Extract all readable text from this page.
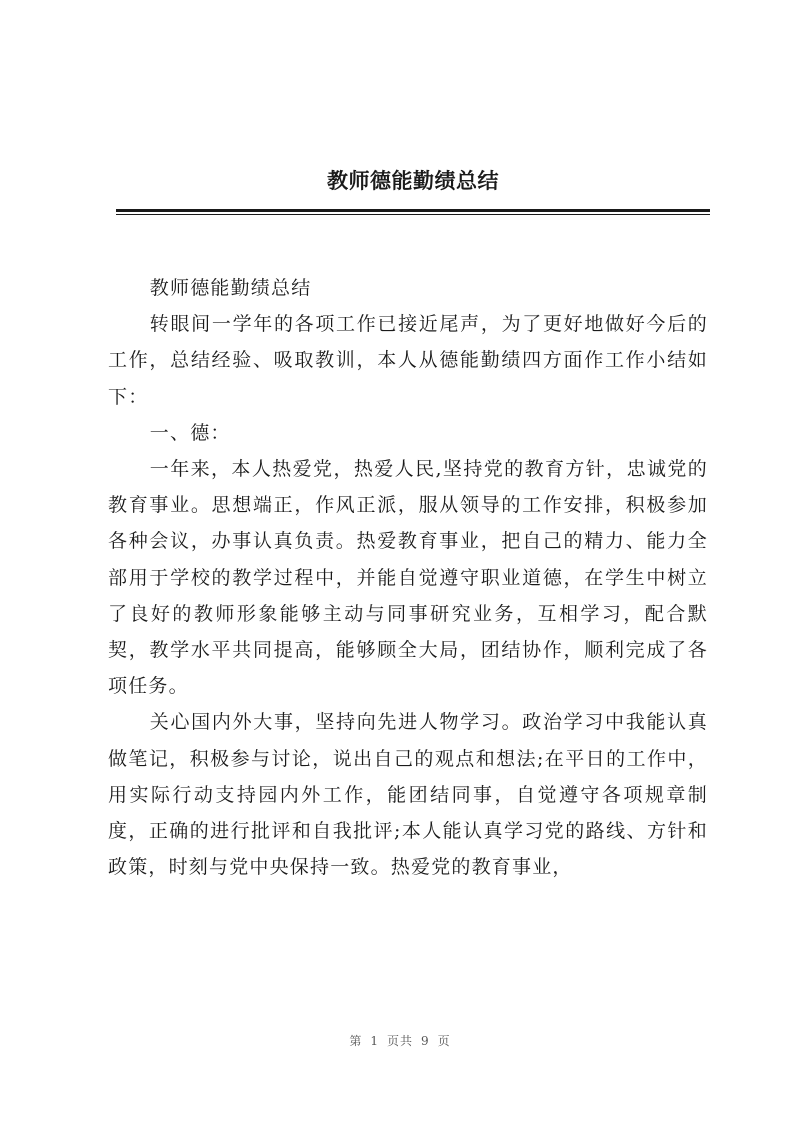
教师德能勤绩总结

教师德能勤绩总结

转眼间一学年的各项工作已接近尾声，为了更好地做好今后的工作，总结经验、吸取教训，本人从德能勤绩四方面作工作小结如下：

一、德：

一年来，本人热爱党，热爱人民,坚持党的教育方针，忠诚党的教育事业。思想端正，作风正派，服从领导的工作安排，积极参加各种会议，办事认真负责。热爱教育事业，把自己的精力、能力全部用于学校的教学过程中，并能自觉遵守职业道德，在学生中树立了良好的教师形象能够主动与同事研究业务，互相学习，配合默契，教学水平共同提高，能够顾全大局，团结协作，顺利完成了各项任务。

关心国内外大事，坚持向先进人物学习。政治学习中我能认真做笔记，积极参与讨论，说出自己的观点和想法;在平日的工作中，用实际行动支持园内外工作，能团结同事，自觉遵守各项规章制度，正确的进行批评和自我批评;本人能认真学习党的路线、方针和政策，时刻与党中央保持一致。热爱党的教育事业，

第 1 页共 9 页
